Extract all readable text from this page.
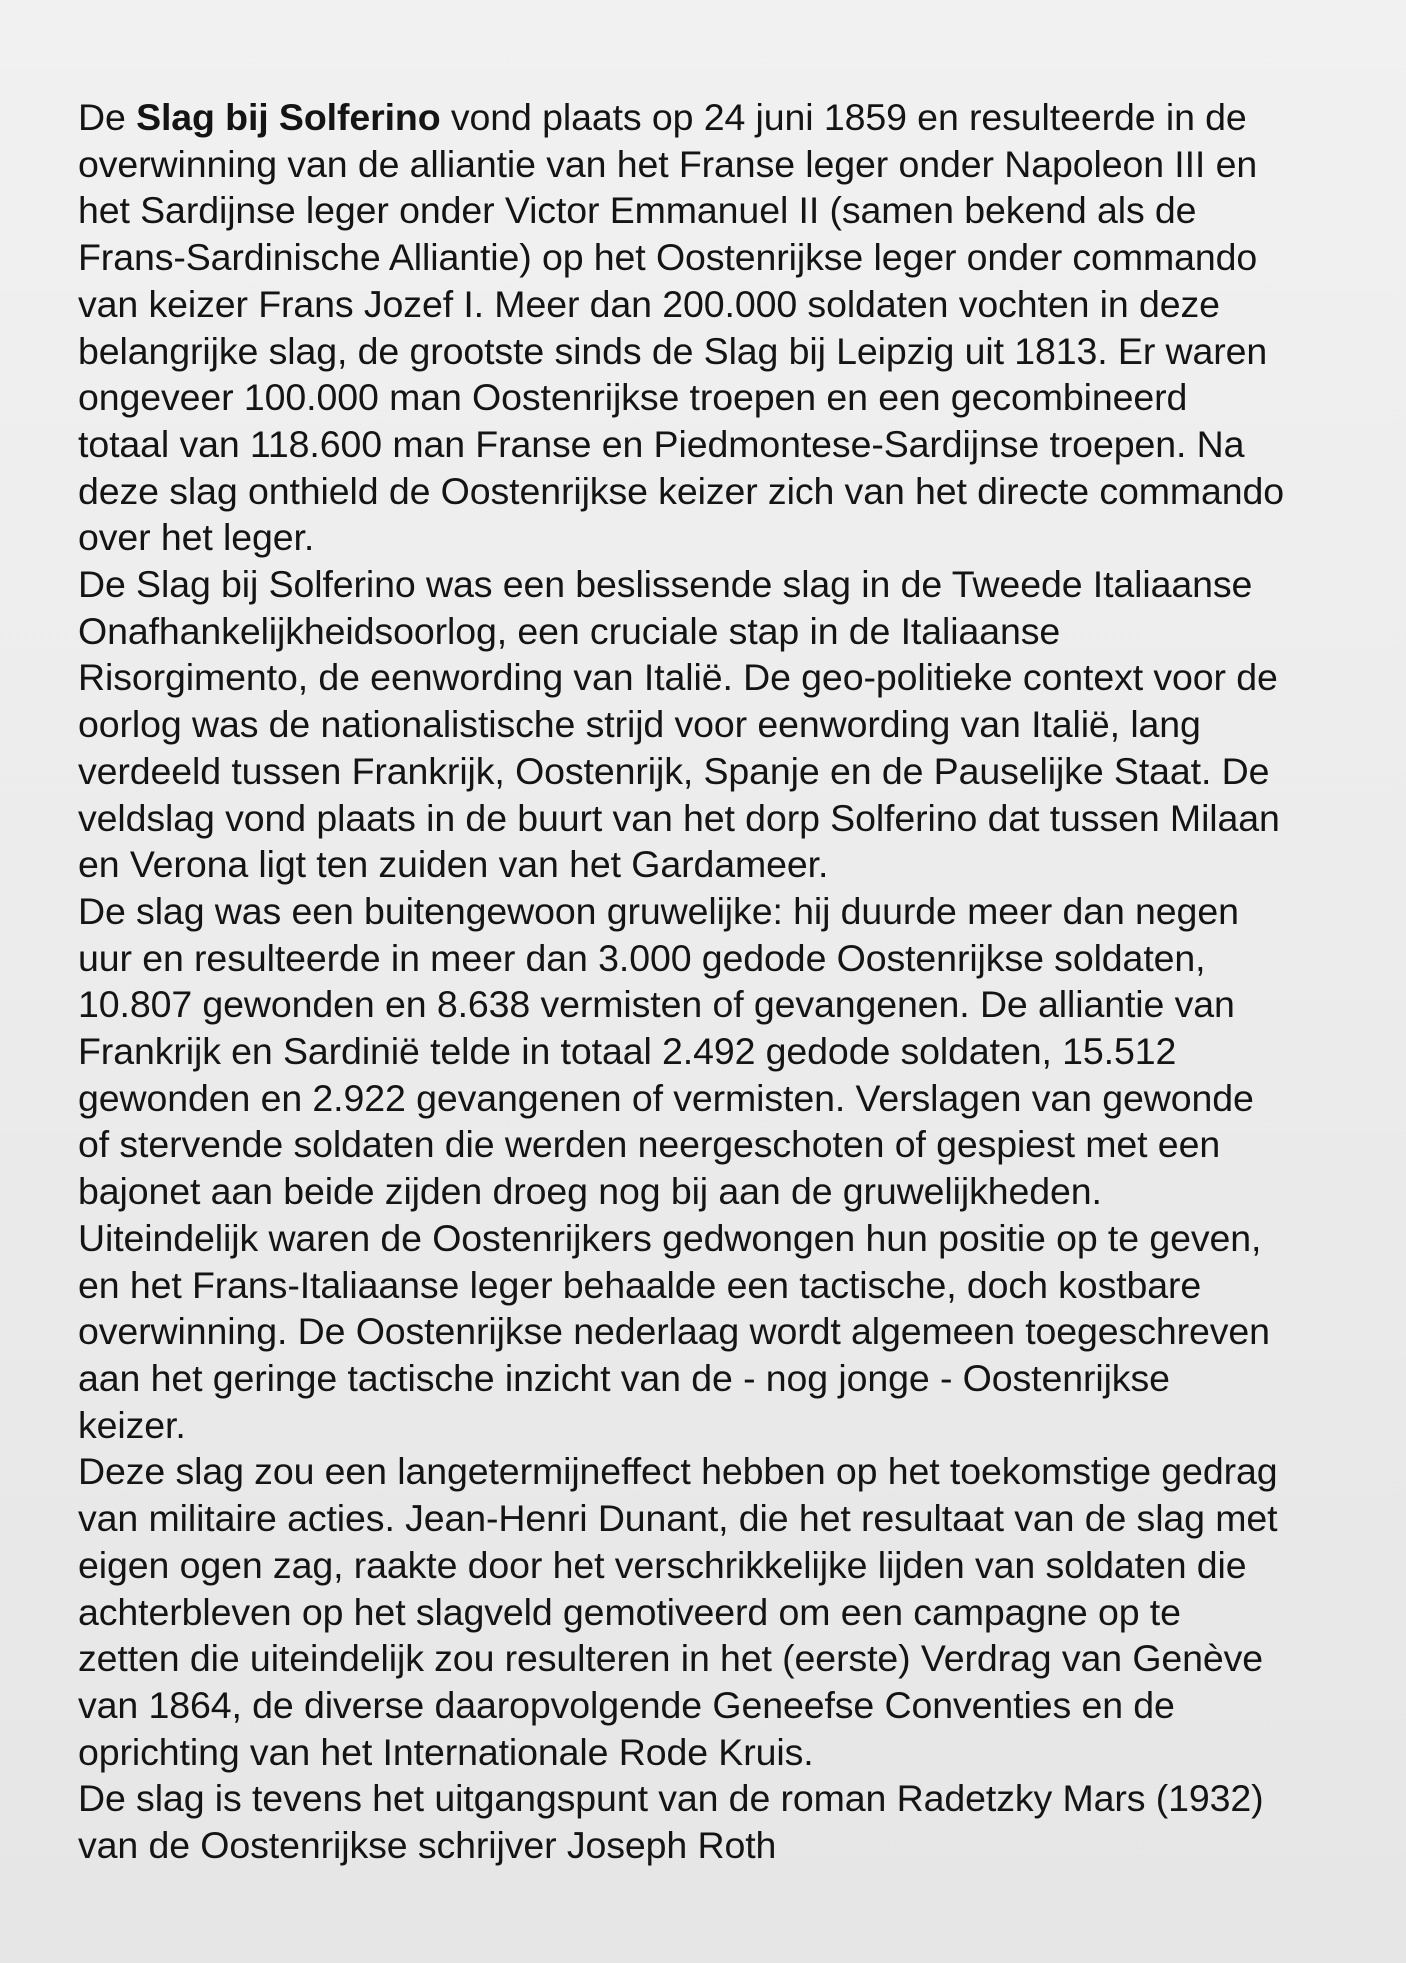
De Slag bij Solferino vond plaats op 24 juni 1859 en resulteerde in de
overwinning van de alliantie van het Franse leger onder Napoleon III en
het Sardijnse leger onder Victor Emmanuel II (samen bekend als de
Frans-Sardinische Alliantie) op het Oostenrijkse leger onder commando
van keizer Frans Jozef I. Meer dan 200.000 soldaten vochten in deze
belangrijke slag, de grootste sinds de Slag bij Leipzig uit 1813. Er waren
ongeveer 100.000 man Oostenrijkse troepen en een gecombineerd
totaal van 118.600 man Franse en Piedmontese-Sardijnse troepen. Na
deze slag onthield de Oostenrijkse keizer zich van het directe commando
over het leger.
De Slag bij Solferino was een beslissende slag in de Tweede Italiaanse
Onafhankelijkheidsoorlog, een cruciale stap in de Italiaanse
Risorgimento, de eenwording van Italië. De geo-politieke context voor de
oorlog was de nationalistische strijd voor eenwording van Italië, lang
verdeeld tussen Frankrijk, Oostenrijk, Spanje en de Pauselijke Staat. De
veldslag vond plaats in de buurt van het dorp Solferino dat tussen Milaan
en Verona ligt ten zuiden van het Gardameer.
De slag was een buitengewoon gruwelijke: hij duurde meer dan negen
uur en resulteerde in meer dan 3.000 gedode Oostenrijkse soldaten,
10.807 gewonden en 8.638 vermisten of gevangenen. De alliantie van
Frankrijk en Sardinië telde in totaal 2.492 gedode soldaten, 15.512
gewonden en 2.922 gevangenen of vermisten. Verslagen van gewonde
of stervende soldaten die werden neergeschoten of gespiest met een
bajonet aan beide zijden droeg nog bij aan de gruwelijkheden.
Uiteindelijk waren de Oostenrijkers gedwongen hun positie op te geven,
en het Frans-Italiaanse leger behaalde een tactische, doch kostbare
overwinning. De Oostenrijkse nederlaag wordt algemeen toegeschreven
aan het geringe tactische inzicht van de - nog jonge - Oostenrijkse
keizer.
Deze slag zou een langetermijneffect hebben op het toekomstige gedrag
van militaire acties. Jean-Henri Dunant, die het resultaat van de slag met
eigen ogen zag, raakte door het verschrikkelijke lijden van soldaten die
achterbleven op het slagveld gemotiveerd om een campagne op te
zetten die uiteindelijk zou resulteren in het (eerste) Verdrag van Genève
van 1864, de diverse daaropvolgende Geneefse Conventies en de
oprichting van het Internationale Rode Kruis.
De slag is tevens het uitgangspunt van de roman Radetzky Mars (1932)
van de Oostenrijkse schrijver Joseph Roth
